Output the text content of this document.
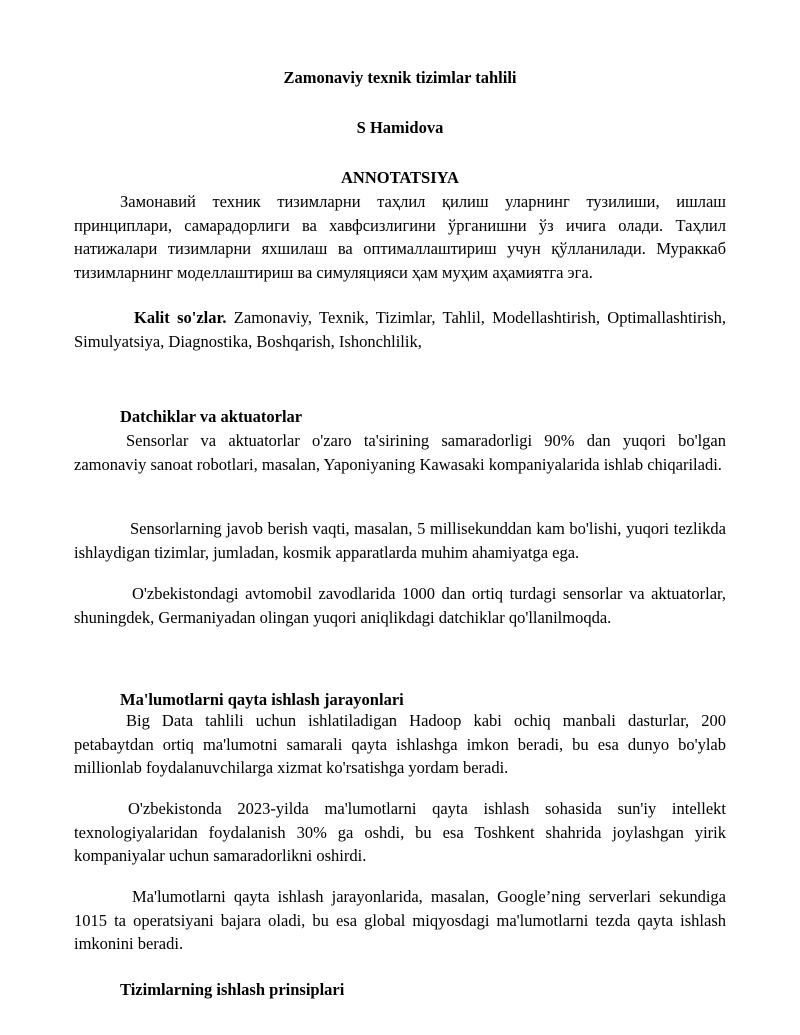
Zamonaviy texnik tizimlar tahlili
S Hamidova
ANNOTATSIYA
Замонавий техник тизимларни таҳлил қилиш уларнинг тузилиши, ишлаш принциплари, самарадорлиги ва хавфсизлигини ўрганишни ўз ичига олади. Таҳлил натижалари тизимларни яхшилаш ва оптималлаштириш учун қўлланилади. Мураккаб тизимларнинг моделлаштириш ва симуляцияси ҳам муҳим аҳамиятга эга.
Kalit so'zlar. Zamonaviy, Texnik, Tizimlar, Tahlil, Modellashtirish, Optimallashtirish, Simulyatsiya, Diagnostika, Boshqarish, Ishonchlilik,
Datchiklar va aktuatorlar
Sensorlar va aktuatorlar o'zaro ta'sirining samaradorligi 90% dan yuqori bo'lgan zamonaviy sanoat robotlari, masalan, Yaponiyaning Kawasaki kompaniyalarida ishlab chiqariladi.
Sensorlarning javob berish vaqti, masalan, 5 millisekunddan kam bo'lishi, yuqori tezlikda ishlaydigan tizimlar, jumladan, kosmik apparatlarda muhim ahamiyatga ega.
O'zbekistondagi avtomobil zavodlarida 1000 dan ortiq turdagi sensorlar va aktuatorlar, shuningdek, Germaniyadan olingan yuqori aniqlikdagi datchiklar qo'llanilmoqda.
Ma'lumotlarni qayta ishlash jarayonlari
Big Data tahlili uchun ishlatiladigan Hadoop kabi ochiq manbali dasturlar, 200 petabaytdan ortiq ma'lumotni samarali qayta ishlashga imkon beradi, bu esa dunyo bo'ylab millionlab foydalanuvchilarga xizmat ko'rsatishga yordam beradi.
O'zbekistonda 2023-yilda ma'lumotlarni qayta ishlash sohasida sun'iy intellekt texnologiyalaridan foydalanish 30% ga oshdi, bu esa Toshkent shahrida joylashgan yirik kompaniyalar uchun samaradorlikni oshirdi.
Ma'lumotlarni qayta ishlash jarayonlarida, masalan, Google’ning serverlari sekundiga 1015 ta operatsiyani bajara oladi, bu esa global miqyosdagi ma'lumotlarni tezda qayta ishlash imkonini beradi.
Tizimlarning ishlash prinsiplari
